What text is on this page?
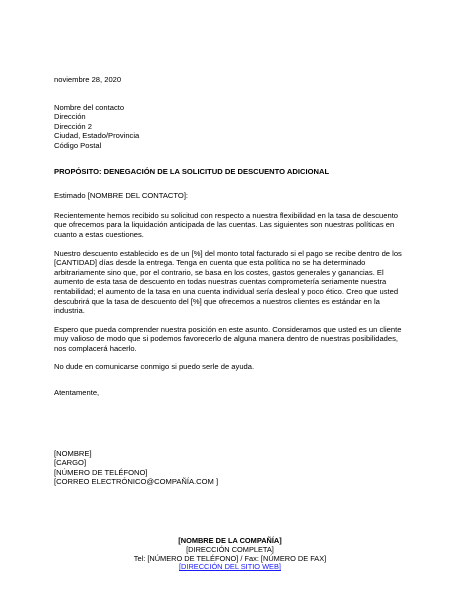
noviembre 28, 2020

Nombre del contacto
Dirección
Dirección 2
Ciudad, Estado/Provincia
Código Postal

PROPÓSITO: DENEGACIÓN DE LA SOLICITUD DE DESCUENTO ADICIONAL

Estimado [NOMBRE DEL CONTACTO]:

Recientemente hemos recibido su solicitud con respecto a nuestra flexibilidad en la tasa de descuento
que ofrecemos para la liquidación anticipada de las cuentas. Las siguientes son nuestras políticas en
cuanto a estas cuestiones.
Nuestro descuento establecido es de un [%] del monto total facturado si el pago se recibe dentro de los
[CANTIDAD] días desde la entrega. Tenga en cuenta que esta política no se ha determinado
arbitrariamente sino que, por el contrario, se basa en los costes, gastos generales y ganancias. El
aumento de esta tasa de descuento en todas nuestras cuentas comprometería seriamente nuestra
rentabilidad; el aumento de la tasa en una cuenta individual sería desleal y poco ético. Creo que usted
descubrirá que la tasa de descuento del [%] que ofrecemos a nuestros clientes es estándar en la
industria.
Espero que pueda comprender nuestra posición en este asunto. Consideramos que usted es un cliente
muy valioso de modo que si podemos favorecerlo de alguna manera dentro de nuestras posibilidades,
nos complacerá hacerlo.
No dude en comunicarse conmigo si puedo serle de ayuda.

Atentamente,

[NOMBRE]
[CARGO]
[NÚMERO DE TELÉFONO]
[CORREO ELECTRÓNICO@COMPAÑÍA.COM ]
[NOMBRE DE LA COMPAÑÍA]
[DIRECCIÓN COMPLETA]
Tel: [NÚMERO DE TELÉFONO] / Fax: [NÚMERO DE FAX]
[DIRECCIÓN DEL SITIO WEB]
